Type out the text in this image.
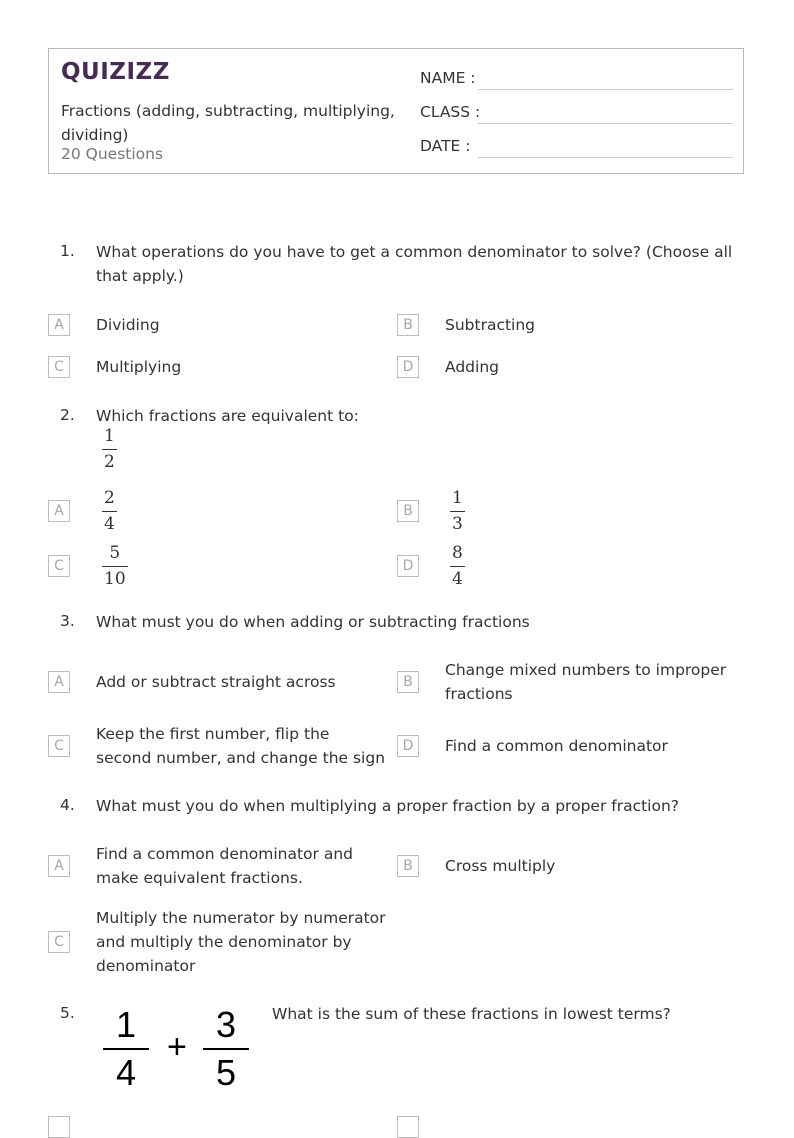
QUIZIZZ
Fractions (adding, subtracting, multiplying, dividing)
20 Questions
NAME :
CLASS :
DATE :
1. What operations do you have to get a common denominator to solve? (Choose all that apply.)
A	Dividing	B	Subtracting
C	Multiplying	D	Adding
2. Which fractions are equivalent to:
1
2
A
2
4
B
1
3
C
5
10
D
8
4
3. What must you do when adding or subtracting fractions
A	Add or subtract straight across	B
Change mixed numbers to improper fractions
C
Keep the first number, flip the second number, and change the sign
D	Find a common denominator
4. What must you do when multiplying a proper fraction by a proper fraction?
A
Find a common denominator and make equivalent fractions.
B	Cross multiply
C
Multiply the numerator by numerator and multiply the denominator by denominator
5. 1
4
+
3
5
What is the sum of these fractions in lowest terms?
